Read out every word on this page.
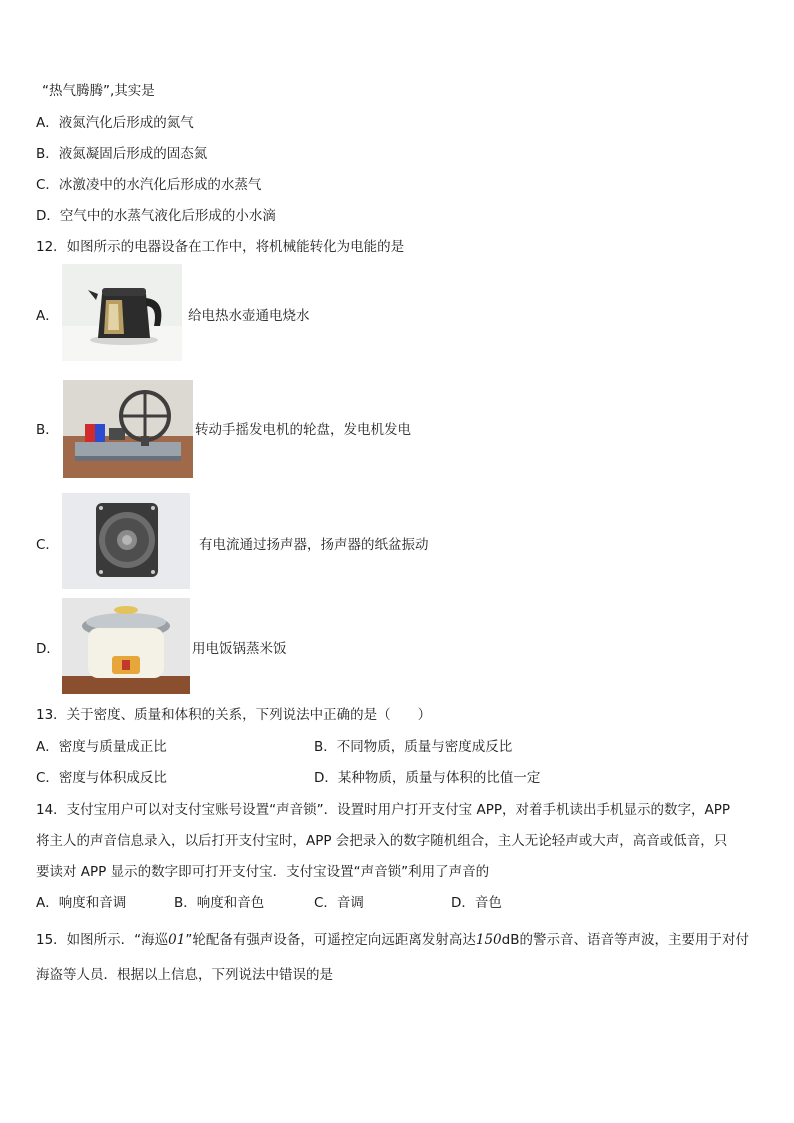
“热气腾腾”,其实是
A．液氮汽化后形成的氮气
B．液氮凝固后形成的固态氮
C．冰激凌中的水汽化后形成的水蒸气
D．空气中的水蒸气液化后形成的小水滴
12．如图所示的电器设备在工作中，将机械能转化为电能的是
A．	给电热水壶通电烧水
B．	转动手摇发电机的轮盘，发电机发电
C．	有电流通过扬声器，扬声器的纸盆振动
D．	用电饭锅蒸米饭
13．关于密度、质量和体积的关系，下列说法中正确的是（　　）
A．密度与质量成正比	B．不同物质，质量与密度成反比
C．密度与体积成反比	D．某种物质，质量与体积的比值一定
14．支付宝用户可以对支付宝账号设置“声音锁”．设置时用户打开支付宝 APP，对着手机读出手机显示的数字，APP
将主人的声音信息录入，以后打开支付宝时，APP 会把录入的数字随机组合，主人无论轻声或大声，高音或低音，只
要读对 APP 显示的数字即可打开支付宝．支付宝设置“声音锁”利用了声音的
A．响度和音调	B．响度和音色	C．音调	D．音色
15．如图所示．“海巡01”轮配备有强声设备，可遥控定向远距离发射高达150dB的警示音、语音等声波，主要用于对付
海盗等人员．根据以上信息，下列说法中错误的是
